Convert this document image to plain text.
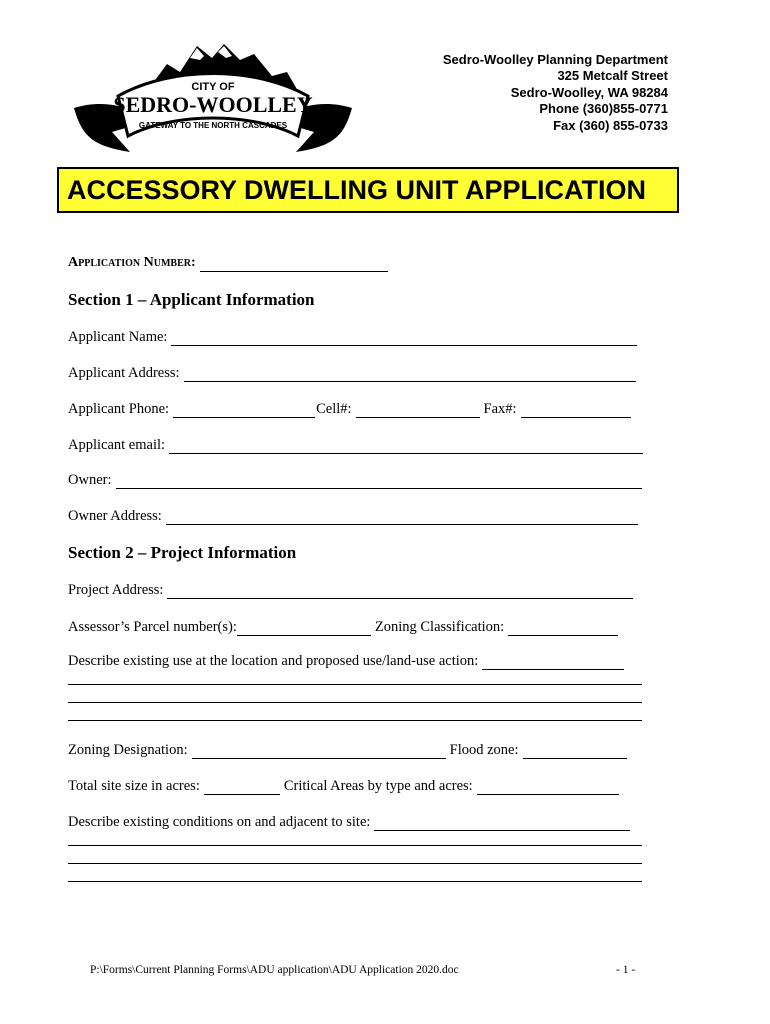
CITY OF
SEDRO-WOOLLEY
GATEWAY TO THE NORTH CASCADES
Sedro-Woolley Planning Department
325 Metcalf Street
Sedro-Woolley, WA 98284
Phone (360)855-0771
Fax (360) 855-0733
ACCESSORY DWELLING UNIT APPLICATION
Application Number:
Section 1 – Applicant Information
Applicant Name:
Applicant Address:
Applicant Phone:	Cell#:	Fax#:
Applicant email:
Owner:
Owner Address:
Section 2 – Project Information
Project Address:
Assessor’s Parcel number(s):	Zoning Classification:
Describe existing use at the location and proposed use/land-use action:
Zoning Designation:	Flood zone:
Total site size in acres:	Critical Areas by type and acres:
Describe existing conditions on and adjacent to site:
P:\Forms\Current Planning Forms\ADU application\ADU Application 2020.doc	- 1 -
